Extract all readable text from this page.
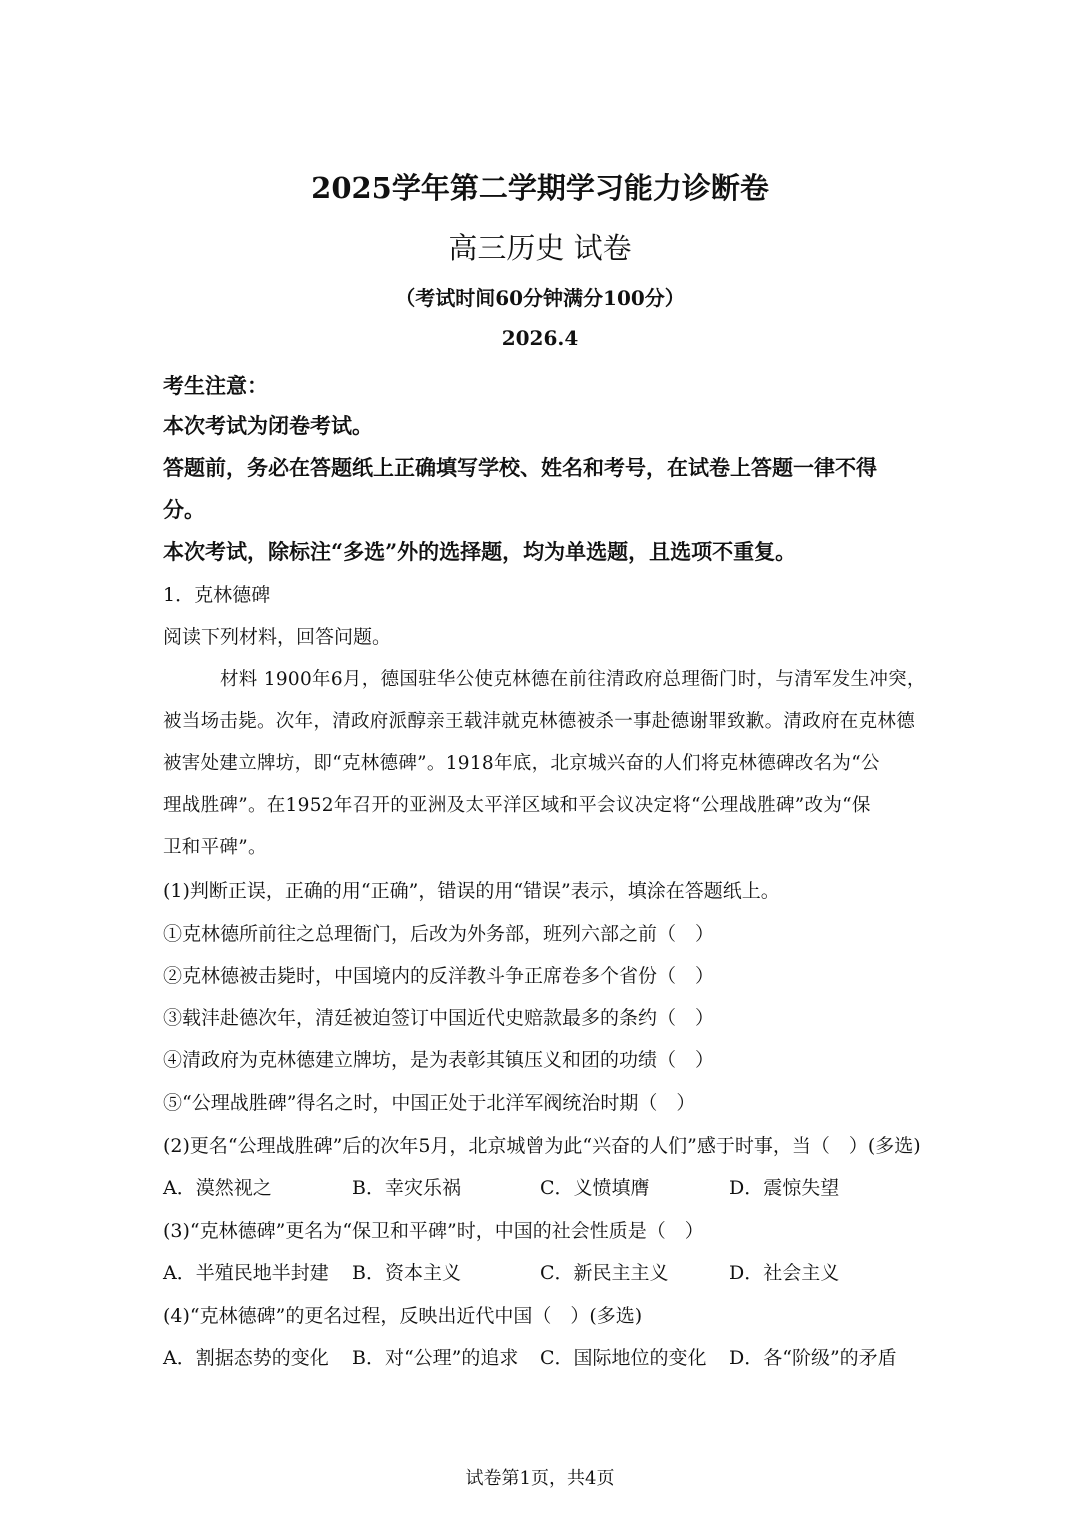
2025学年第二学期学习能力诊断卷
高三历史 试卷
（考试时间60分钟满分100分）
2026.4
考生注意：
本次考试为闭卷考试。
答题前，务必在答题纸上正确填写学校、姓名和考号，在试卷上答题一律不得
分。
本次考试，除标注“多选”外的选择题，均为单选题，且选项不重复。
1．克林德碑
阅读下列材料，回答问题。
材料 1900年6月，德国驻华公使克林德在前往清政府总理衙门时，与清军发生冲突，
被当场击毙。次年，清政府派醇亲王载沣就克林德被杀一事赴德谢罪致歉。清政府在克林德
被害处建立牌坊，即“克林德碑”。1918年底，北京城兴奋的人们将克林德碑改名为“公
理战胜碑”。在1952年召开的亚洲及太平洋区域和平会议决定将“公理战胜碑”改为“保
卫和平碑”。
(1)判断正误，正确的用“正确”，错误的用“错误”表示，填涂在答题纸上。
①克林德所前往之总理衙门，后改为外务部，班列六部之前（　）
②克林德被击毙时，中国境内的反洋教斗争正席卷多个省份（　）
③载沣赴德次年，清廷被迫签订中国近代史赔款最多的条约（　）
④清政府为克林德建立牌坊，是为表彰其镇压义和团的功绩（　）
⑤“公理战胜碑”得名之时，中国正处于北洋军阀统治时期（　）
(2)更名“公理战胜碑”后的次年5月，北京城曾为此“兴奋的人们”感于时事，当（　）(多选)
A．漠然视之	B．幸灾乐祸	C．义愤填膺	D．震惊失望
(3)“克林德碑”更名为“保卫和平碑”时，中国的社会性质是（　）
A．半殖民地半封建 B．资本主义	C．新民主主义	D．社会主义
(4)“克林德碑”的更名过程，反映出近代中国（　）(多选)
A．割据态势的变化 B．对“公理”的追求 C．国际地位的变化 D．各“阶级”的矛盾
试卷第1页，共4页
